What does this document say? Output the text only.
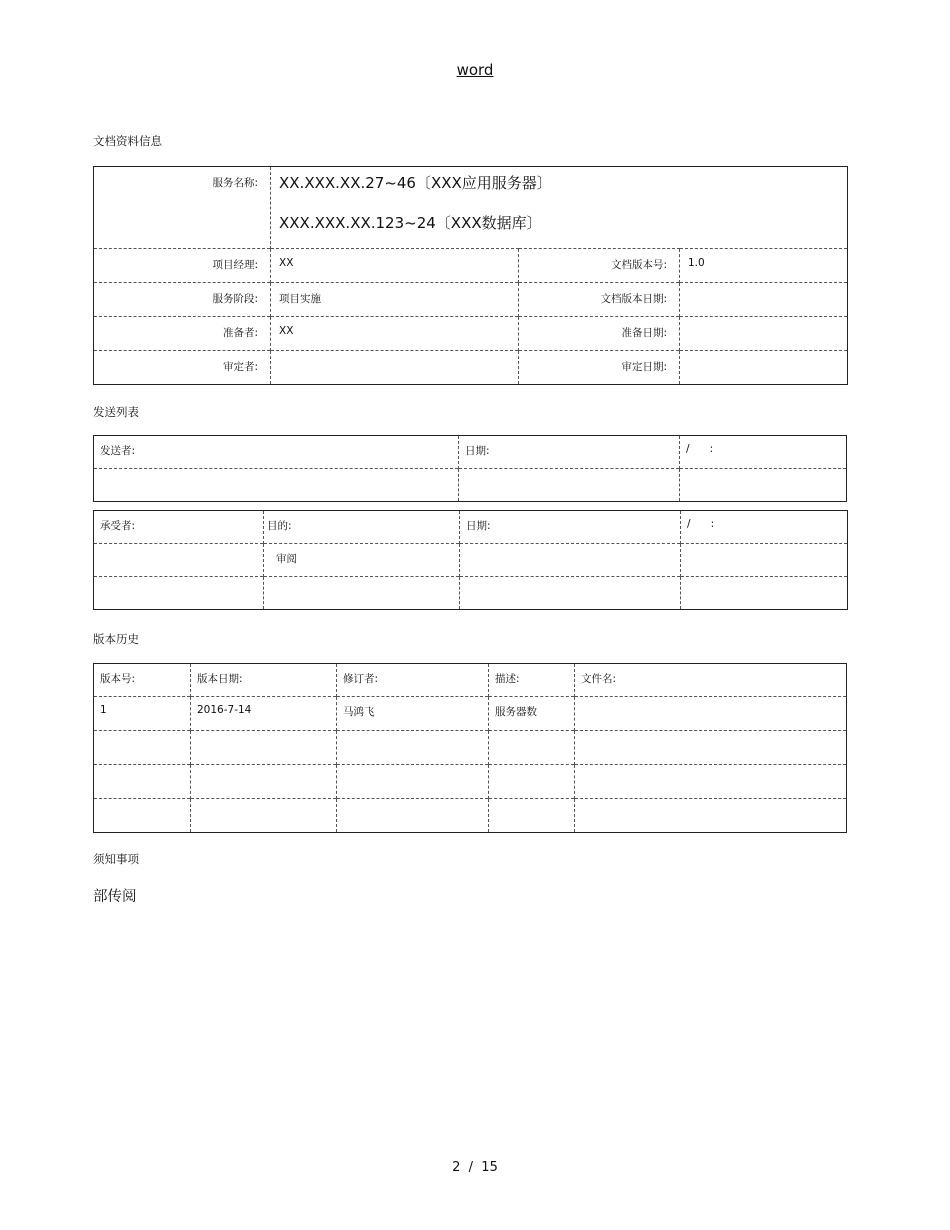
word
文档资料信息
服务名称:	XX.XXX.XX.27~46〔XXX应用服务器〕
XXX.XXX.XX.123~24〔XXX数据库〕		

项目经理:	XX	文档版本号:	1.0
服务阶段:	项目实施	文档版本日期:	
准备者:	XX	准备日期:	
审定者:		审定日期:	
发送列表
发送者:	日期:	/      :

承受者:	目的:	日期:	/      :
	审阅		

版本历史
版本号:	版本日期:	修订者:	描述:	文件名:
1	2016-7-14	马鸿飞	服务器数	

须知事项
部传阅
2  /  15
